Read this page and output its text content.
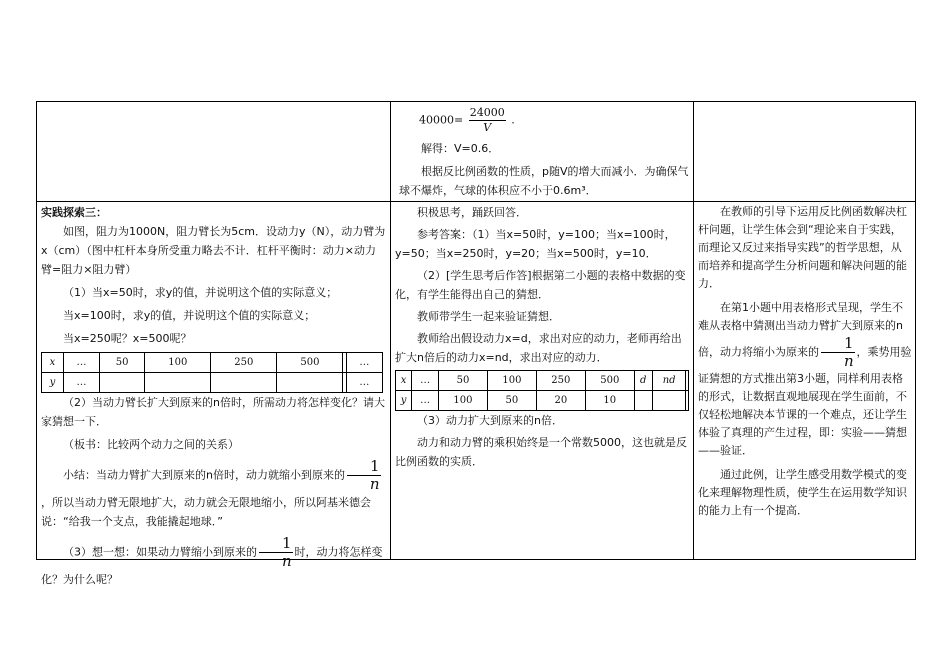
$40000= \frac{24000}{V}$ .

解得：V=0.6．

根据反比例函数的性质，p随V的增大而减小．为确保气球不爆炸，气球的体积应不小于0.6m³．

实践探索三：

如图，阻力为1000N，阻力臂长为5cm．设动力y（N），动力臂为x（cm）（图中杠杆本身所受重力略去不计．杠杆平衡时：动力×动力臂=阻力×阻力臂）

（1）当x=50时，求y的值，并说明这个值的实际意义；

当x=100时，求y的值，并说明这个值的实际意义；

当x=250呢？x=500呢？

x	…	50	100	250	500		…
y	…						…

（2）当动力臂长扩大到原来的n倍时，所需动力将怎样变化？请大家猜想一下．

（板书：比较两个动力之间的关系）

小结：当动力臂扩大到原来的n倍时，动力就缩小到原来的 $\frac{1}{n}$
，所以当动力臂无限地扩大，动力就会无限地缩小，所以阿基米德会说：“给我一个支点，我能撬起地球．”

（3）想一想：如果动力臂缩小到原来的 $\frac{1}{n}$ 时，动力将怎样变化？为什么呢？

积极思考，踊跃回答．

参考答案：（1）当x=50时，y=100；当x=100时，y=50；当x=250时，y=20；当x=500时，y=10．

（2）[学生思考后作答]根据第二小题的表格中数据的变化，有学生能得出自己的猜想．

教师带学生一起来验证猜想．

教师给出假设动力x=d，求出对应的动力，老师再给出扩大n倍后的动力x=nd，求出对应的动力．

x	…	50	100	250	500	d	nd	
y	…	100	50	20	10			

（3）动力扩大到原来的n倍．

动力和动力臂的乘积始终是一个常数5000，这也就是反比例函数的实质．

在教师的引导下运用反比例函数解决杠杆问题，让学生体会到“理论来自于实践，而理论又反过来指导实践”的哲学思想，从而培养和提高学生分析问题和解决问题的能力．

在第1小题中用表格形式呈现，学生不难从表格中猜测出当动力臂扩大到原来的n倍，动力将缩小为原来的 $\frac{1}{n}$ ，乘势用验证猜想的方式推出第3小题，同样利用表格的形式，让数据直观地展现在学生面前，不仅轻松地解决本节课的一个难点，还让学生体验了真理的产生过程，即：实验——猜想——验证．

通过此例，让学生感受用数学模式的变化来理解物理性质，使学生在运用数学知识的能力上有一个提高．
